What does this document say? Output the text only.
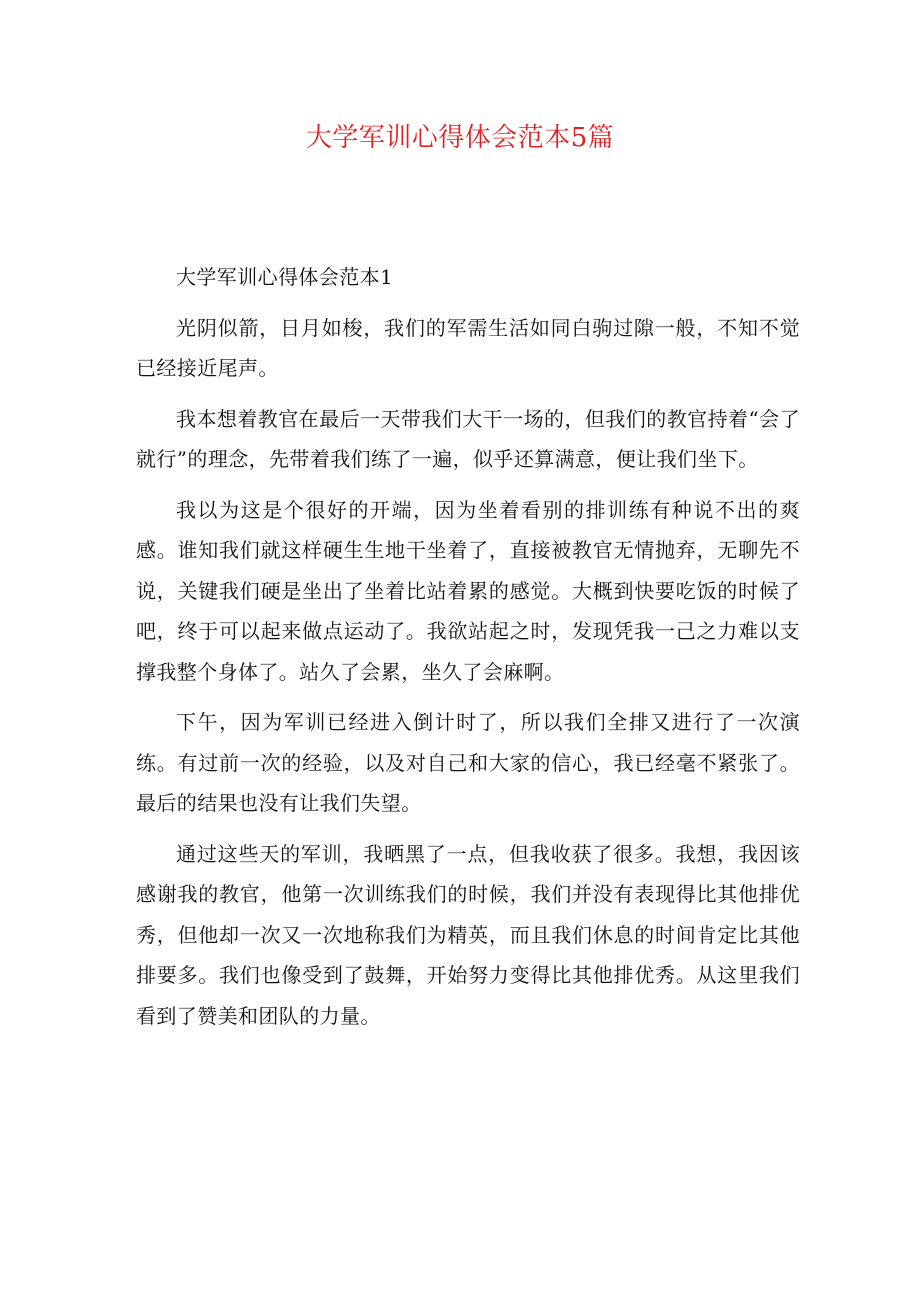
大学军训心得体会范本5篇

大学军训心得体会范本1

光阴似箭，日月如梭，我们的军需生活如同白驹过隙一般，不知不觉已经接近尾声。

我本想着教官在最后一天带我们大干一场的，但我们的教官持着“会了就行”的理念，先带着我们练了一遍，似乎还算满意，便让我们坐下。

我以为这是个很好的开端，因为坐着看别的排训练有种说不出的爽感。谁知我们就这样硬生生地干坐着了，直接被教官无情抛弃，无聊先不说，关键我们硬是坐出了坐着比站着累的感觉。大概到快要吃饭的时候了吧，终于可以起来做点运动了。我欲站起之时，发现凭我一己之力难以支撑我整个身体了。站久了会累，坐久了会麻啊。

下午，因为军训已经进入倒计时了，所以我们全排又进行了一次演练。有过前一次的经验，以及对自己和大家的信心，我已经毫不紧张了。最后的结果也没有让我们失望。

通过这些天的军训，我晒黑了一点，但我收获了很多。我想，我因该感谢我的教官，他第一次训练我们的时候，我们并没有表现得比其他排优秀，但他却一次又一次地称我们为精英，而且我们休息的时间肯定比其他排要多。我们也像受到了鼓舞，开始努力变得比其他排优秀。从这里我们看到了赞美和团队的力量。
